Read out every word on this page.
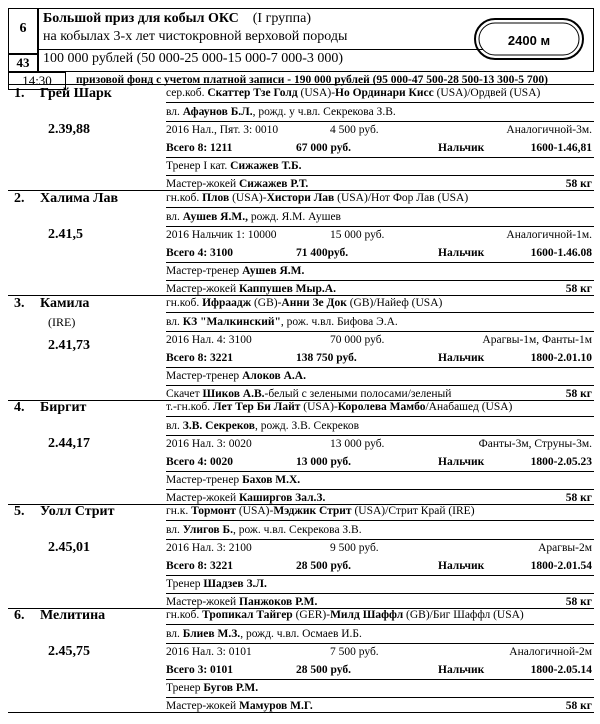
6
43
Большой приз для кобыл ОКС (I группа)
на кобылах 3-х лет чистокровной верховой породы
100 000 рублей (50 000-25 000-15 000-7 000-3 000)
2400 м
14:30	призовой фонд с учетом платной записи - 190 000 рублей (95 000-47 500-28 500-13 300-5 700)
1. Грей Шарк
2.39,88
сер.коб. Скаттер Тзе Голд (USA)-Но Ординари Кисс (USA)/Ордвей (USA)
вл. Афаунов Б.Л., рожд. у ч.вл. Секрекова З.В.
2016 Нал., Пят. 3: 0010	4 500 руб.	Аналогичной-3м.
Всего 8: 1211	67 000 руб.	Нальчик	1600-1.46,81
Тренер I кат. Сижажев Т.Б.
Мастер-жокей Сижажев Р.Т.	58 кг
2. Халима Лав
2.41,5
гн.коб. Плов (USA)-Хистори Лав (USA)/Нот Фор Лав (USA)
вл. Аушев Я.М., рожд. Я.М. Аушев
2016 Нальчик 1: 10000	15 000 руб.	Аналогичной-1м.
Всего 4: 3100	71 400руб.	Нальчик	1600-1.46.08
Мастер-тренер Аушев Я.М.
Мастер-жокей Каппушев Мыр.А.	58 кг
3. Камила
(IRE)
2.41,73
гн.коб. Ифраадж (GB)-Анни Зе Док (GB)/Найеф (USA)
вл. КЗ "Малкинский", рож. ч.вл. Бифова Э.А.
2016 Нал. 4: 3100	70 000 руб.	Арагвы-1м, Фанты-1м
Всего 8: 3221	138 750 руб.	Нальчик	1800-2.01.10
Мастер-тренер Алоков А.А.
Скачет Шиков А.В.-белый с зелеными полосами/зеленый	58 кг
4. Биргит
2.44,17
т.-гн.коб. Лет Тер Би Лайт (USA)-Королева Мамбо/Анабашед (USA)
вл. З.В. Секреков, рожд. З.В. Секреков
2016 Нал. 3: 0020	13 000 руб.	Фанты-3м, Струны-3м.
Всего 4: 0020	13 000 руб.	Нальчик	1800-2.05.23
Мастер-тренер Бахов М.Х.
Мастер-жокей Каширгов Зал.З.	58 кг
5. Уолл Стрит
2.45,01
гн.к. Тормонт (USA)-Мэджик Стрит (USA)/Стрит Край (IRE)
вл. Улигов Б., рож. ч.вл. Секрекова З.В.
2016 Нал. 3: 2100	9 500 руб.	Арагвы-2м
Всего 8: 3221	28 500 руб.	Нальчик	1800-2.01.54
Тренер Шадзев З.Л.
Мастер-жокей Панжоков Р.М.	58 кг
6. Мелитина
2.45,75
гн.коб. Тропикал Тайгер (GER)-Милд Шаффл (GB)/Биг Шаффл (USA)
вл. Блиев М.З., рожд. ч.вл. Осмаев И.Б.
2016 Нал. 3: 0101	7 500 руб.	Аналогичной-2м
Всего 3: 0101	28 500 руб.	Нальчик	1800-2.05.14
Тренер Бугов Р.М.
Мастер-жокей Мамуров М.Г.	58 кг
